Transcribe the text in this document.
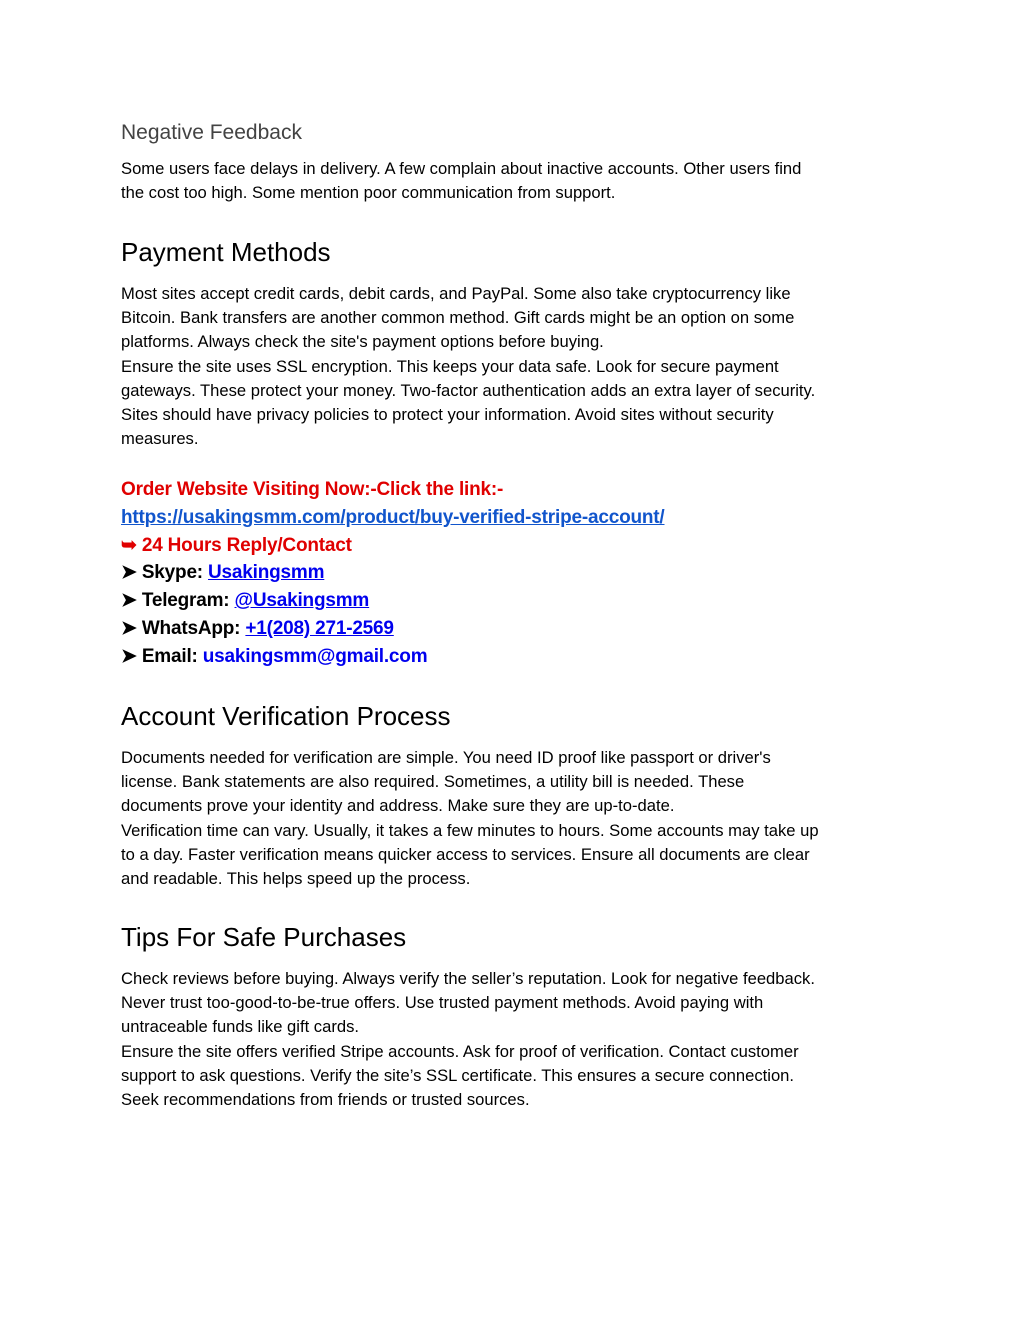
Negative Feedback
Some users face delays in delivery. A few complain about inactive accounts. Other users find
the cost too high. Some mention poor communication from support.
Payment Methods
Most sites accept credit cards, debit cards, and PayPal. Some also take cryptocurrency like
Bitcoin. Bank transfers are another common method. Gift cards might be an option on some
platforms. Always check the site's payment options before buying.
Ensure the site uses SSL encryption. This keeps your data safe. Look for secure payment
gateways. These protect your money. Two-factor authentication adds an extra layer of security.
Sites should have privacy policies to protect your information. Avoid sites without security
measures.
Order Website Visiting Now:-Click the link:-
https://usakingsmm.com/product/buy-verified-stripe-account/
➥ 24 Hours Reply/Contact
➤ Skype: Usakingsmm
➤ Telegram: @Usakingsmm
➤ WhatsApp: +1(208) 271-2569
➤ Email: usakingsmm@gmail.com
Account Verification Process
Documents needed for verification are simple. You need ID proof like passport or driver's
license. Bank statements are also required. Sometimes, a utility bill is needed. These
documents prove your identity and address. Make sure they are up-to-date.
Verification time can vary. Usually, it takes a few minutes to hours. Some accounts may take up
to a day. Faster verification means quicker access to services. Ensure all documents are clear
and readable. This helps speed up the process.
Tips For Safe Purchases
Check reviews before buying. Always verify the seller’s reputation. Look for negative feedback.
Never trust too-good-to-be-true offers. Use trusted payment methods. Avoid paying with
untraceable funds like gift cards.
Ensure the site offers verified Stripe accounts. Ask for proof of verification. Contact customer
support to ask questions. Verify the site’s SSL certificate. This ensures a secure connection.
Seek recommendations from friends or trusted sources.
